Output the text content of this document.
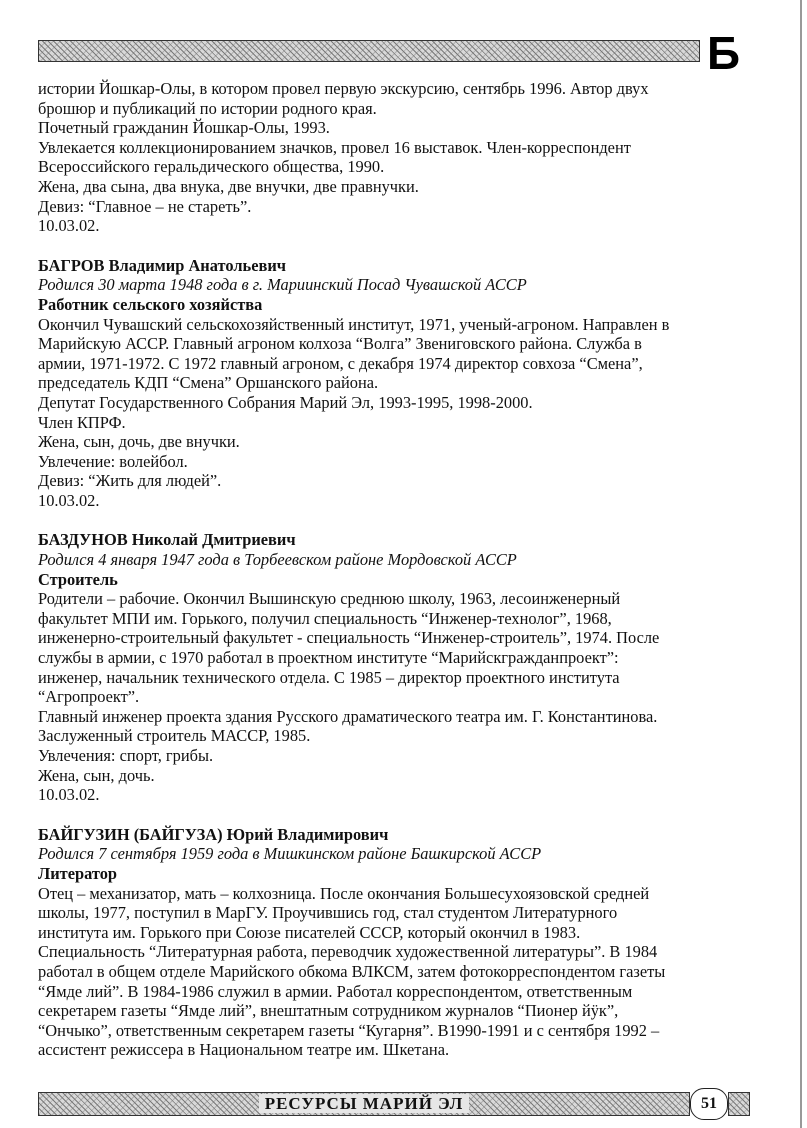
Б
истории Йошкар-Олы, в котором провел первую экскурсию, сентябрь 1996. Автор двух
брошюр и публикаций по истории родного края.
Почетный гражданин Йошкар-Олы, 1993.
Увлекается коллекционированием значков, провел 16 выставок. Член-корреспондент
Всероссийского геральдического общества, 1990.
Жена, два сына, два внука, две внучки, две правнучки.
Девиз: “Главное – не стареть”.
10.03.02.
БАГРОВ Владимир Анатольевич
Родился 30 марта 1948 года в г. Мариинский Посад Чувашской АССР
Работник сельского хозяйства
Окончил Чувашский сельскохозяйственный институт, 1971, ученый-агроном. Направлен в
Марийскую АССР. Главный агроном колхоза “Волга” Звениговского района. Служба в
армии, 1971-1972. С 1972 главный агроном, с декабря 1974 директор совхоза “Смена”,
председатель КДП “Смена” Оршанского района.
Депутат Государственного Собрания Марий Эл, 1993-1995, 1998-2000.
Член КПРФ.
Жена, сын, дочь, две внучки.
Увлечение: волейбол.
Девиз: “Жить для людей”.
10.03.02.
БАЗДУНОВ Николай Дмитриевич
Родился 4 января 1947 года в Торбеевском районе Мордовской АССР
Строитель
Родители – рабочие. Окончил Вышинскую среднюю школу, 1963, лесоинженерный
факультет МПИ им. Горького, получил специальность “Инженер-технолог”, 1968,
инженерно-строительный факультет - специальность “Инженер-строитель”, 1974. После
службы в армии, с 1970 работал в проектном институте “Марийскгражданпроект”:
инженер, начальник технического отдела. С 1985 – директор проектного института
“Агропроект”.
Главный инженер проекта здания Русского драматического театра им. Г. Константинова.
Заслуженный строитель МАССР, 1985.
Увлечения: спорт, грибы.
Жена, сын, дочь.
10.03.02.
БАЙГУЗИН (БАЙГУЗА) Юрий Владимирович
Родился 7 сентября 1959 года в Мишкинском районе Башкирской АССР
Литератор
Отец – механизатор, мать – колхозница. После окончания Большесухоязовской средней
школы, 1977, поступил в МарГУ. Проучившись год, стал студентом Литературного
института им. Горького при Союзе писателей СССР, который окончил в 1983.
Специальность “Литературная работа, переводчик художественной литературы”. В 1984
работал в общем отделе Марийского обкома ВЛКСМ, затем фотокорреспондентом газеты
“Ямде лий”. В 1984-1986 служил в армии. Работал корреспондентом, ответственным
секретарем газеты “Ямде лий”, внештатным сотрудником журналов “Пионер йӱк”,
“Ончыко”, ответственным секретарем газеты “Кугарня”. В1990-1991 и с сентября 1992 –
ассистент режиссера в Национальном театре им. Шкетана.
РЕСУРСЫ МАРИЙ ЭЛ	51
